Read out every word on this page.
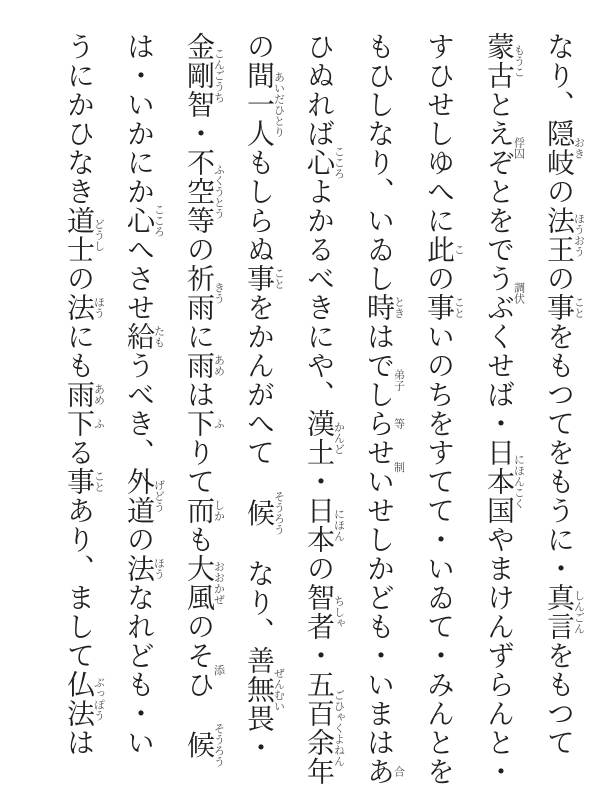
なり、隠岐おきの法王ほうおうの事ことをもつてをもうに・真言しんごんをもつて

蒙古もうことえぞ俘囚とをでうぶく調伏せば・日本国にほんこくやまけんずらんと・

すひせしゆへに此この事こといのちをすてて・いゐて・みんとを

もひしなり、いゐし時ときはでし弟子ら等せい制せしかども・いまはあ合

ひぬれば心こころよかるべきにや、漢土かんど・日本にほんの智者ちしゃ・五百余年ごひゃくよねん

の間一人あいだひとりもしらぬ事ことをかんがへて　候そうろう　なり、善無畏ぜんむい・

金剛智こんごうち・不空等ふくうとうの祈雨きうに雨あめは下ふりて而しかも大風おおかぜのそひ添　候そうろう

は・いかにか心こころへさせ給たもうべき、外道げどうの法ほうなれども・い

うにかひなき道士どうしの法ほうにも雨あめ下ふる事ことあり、まして仏法ぶっぽうは
